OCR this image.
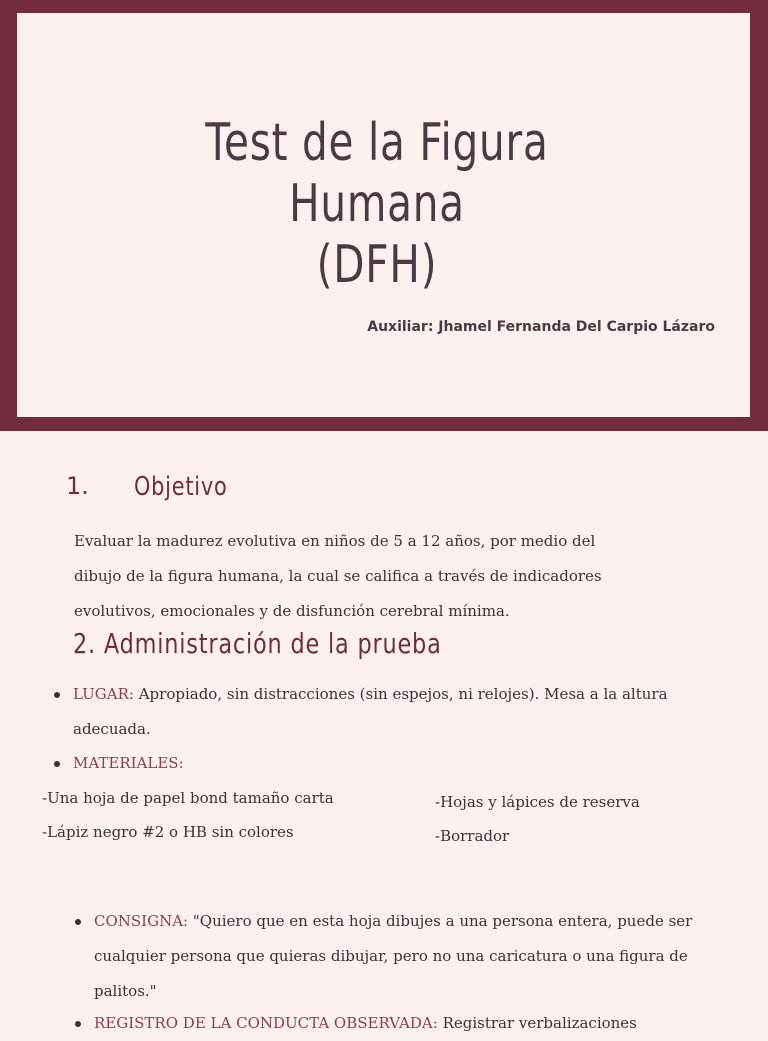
Test de la Figura
Humana
(DFH)
Auxiliar: Jhamel Fernanda Del Carpio Lázaro
1. Objetivo
Evaluar la madurez evolutiva en niños de 5 a 12 años, por medio del
dibujo de la figura humana, la cual se califica a través de indicadores
evolutivos, emocionales y de disfunción cerebral mínima.
2. Administración de la prueba
LUGAR: Apropiado, sin distracciones (sin espejos, ni relojes). Mesa a la altura
adecuada.
MATERIALES:
-Una hoja de papel bond tamaño carta
-Lápiz negro #2 o HB sin colores
-Hojas y lápices de reserva
-Borrador
CONSIGNA: "Quiero que en esta hoja dibujes a una persona entera, puede ser
cualquier persona que quieras dibujar, pero no una caricatura o una figura de
palitos."
REGISTRO DE LA CONDUCTA OBSERVADA: Registrar verbalizaciones
